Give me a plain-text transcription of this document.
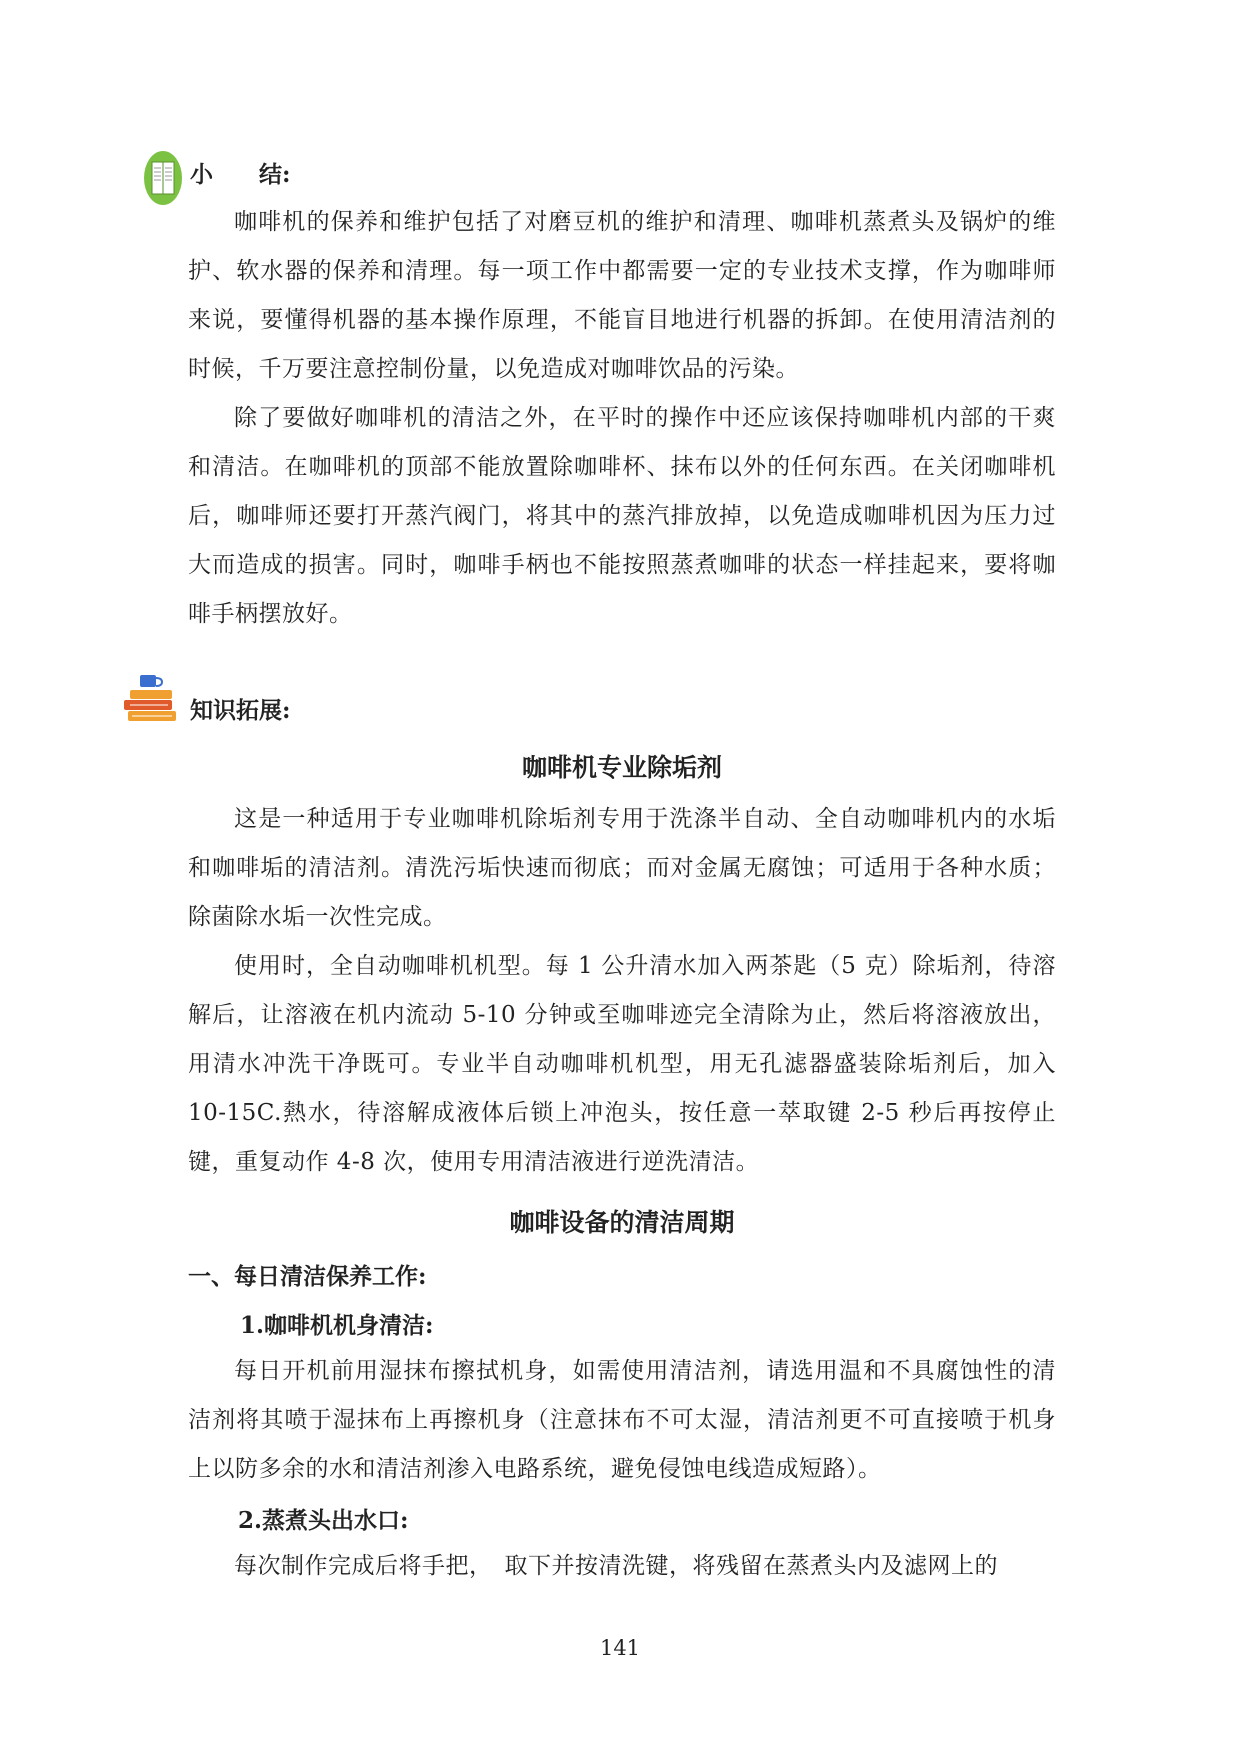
小　　结:

咖啡机的保养和维护包括了对磨豆机的维护和清理、咖啡机蒸煮头及锅炉的维护、软水器的保养和清理。每一项工作中都需要一定的专业技术支撑，作为咖啡师来说，要懂得机器的基本操作原理，不能盲目地进行机器的拆卸。在使用清洁剂的时候，千万要注意控制份量，以免造成对咖啡饮品的污染。

除了要做好咖啡机的清洁之外，在平时的操作中还应该保持咖啡机内部的干爽和清洁。在咖啡机的顶部不能放置除咖啡杯、抹布以外的任何东西。在关闭咖啡机后，咖啡师还要打开蒸汽阀门，将其中的蒸汽排放掉，以免造成咖啡机因为压力过大而造成的损害。同时，咖啡手柄也不能按照蒸煮咖啡的状态一样挂起来，要将咖啡手柄摆放好。

知识拓展:
咖啡机专业除垢剂

这是一种适用于专业咖啡机除垢剂专用于洗涤半自动、全自动咖啡机内的水垢和咖啡垢的清洁剂。清洗污垢快速而彻底；而对金属无腐蚀；可适用于各种水质；除菌除水垢一次性完成。

使用时，全自动咖啡机机型。每 1 公升清水加入两茶匙（5 克）除垢剂，待溶解后，让溶液在机内流动 5-10 分钟或至咖啡迹完全清除为止，然后将溶液放出，用清水冲洗干净既可。专业半自动咖啡机机型，用无孔滤器盛装除垢剂后，加入 10-15C.熱水，待溶解成液体后锁上冲泡头，按任意一萃取键 2-5 秒后再按停止键，重复动作 4-8 次，使用专用清洁液进行逆洗清洁。

咖啡设备的清洁周期
一、每日清洁保养工作:
1.咖啡机机身清洁:

每日开机前用湿抹布擦拭机身，如需使用清洁剂，请选用温和不具腐蚀性的清洁剂将其喷于湿抹布上再擦机身（注意抹布不可太湿，清洁剂更不可直接喷于机身上以防多余的水和清洁剂渗入电路系统，避免侵蚀电线造成短路）。

2.蒸煮头出水口:

每次制作完成后将手把，　取下并按清洗键，将残留在蒸煮头内及滤网上的

141
